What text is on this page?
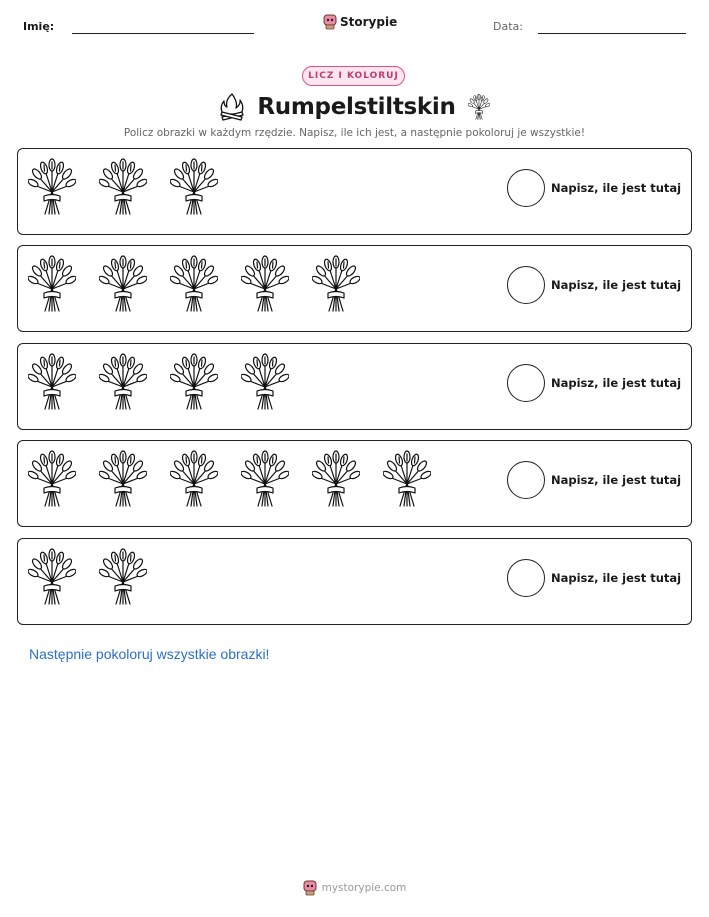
Imię:	Storypie	Data:
LICZ I KOLORUJ
Rumpelstiltskin
Policz obrazki w każdym rzędzie. Napisz, ile ich jest, a następnie pokoloruj je wszystkie!
Napisz, ile jest tutaj
Napisz, ile jest tutaj
Napisz, ile jest tutaj
Napisz, ile jest tutaj
Napisz, ile jest tutaj
Następnie pokoloruj wszystkie obrazki!
mystorypie.com
